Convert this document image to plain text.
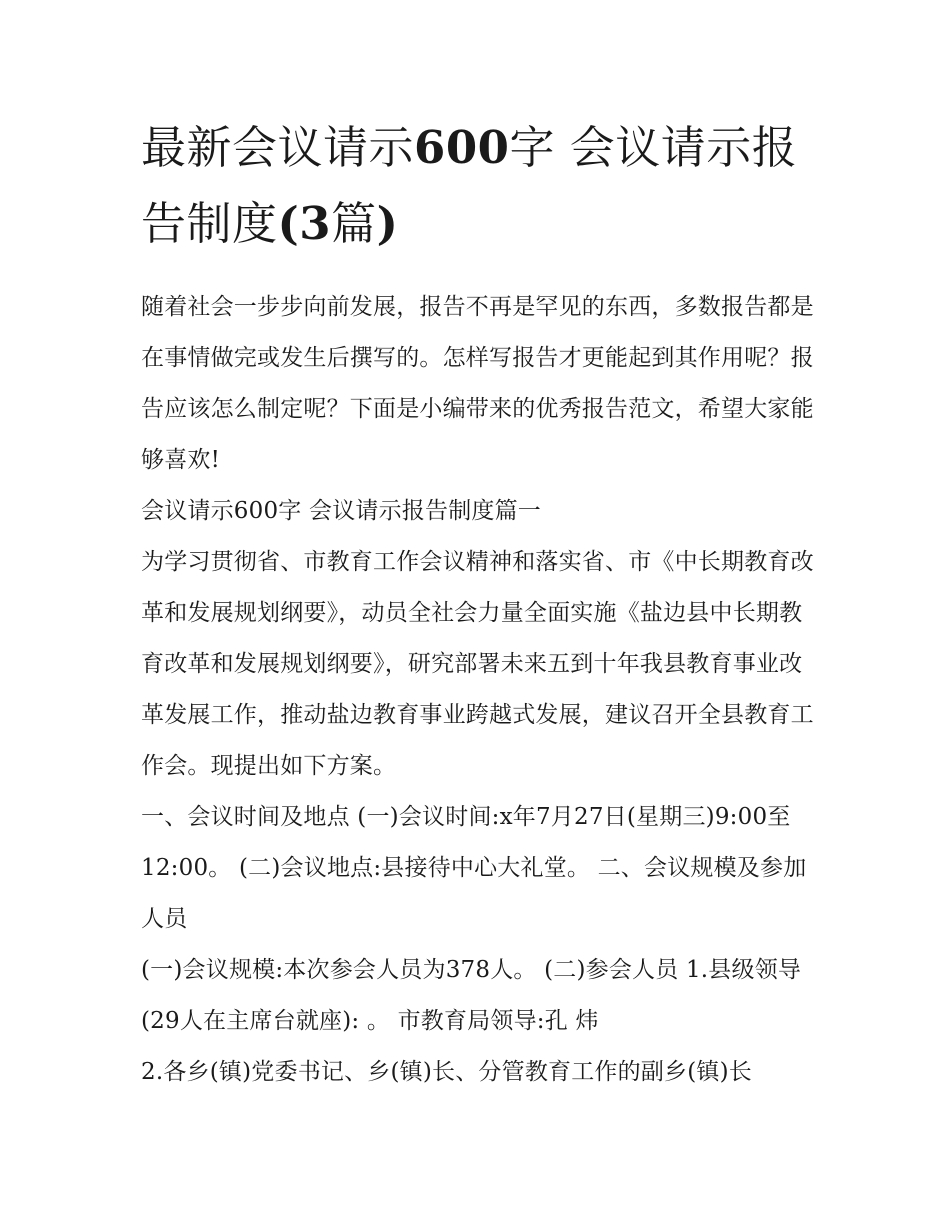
最新会议请示600字 会议请示报告制度(3篇)

随着社会一步步向前发展，报告不再是罕见的东西，多数报告都是在事情做完或发生后撰写的。怎样写报告才更能起到其作用呢？报告应该怎么制定呢？下面是小编带来的优秀报告范文，希望大家能够喜欢!

会议请示600字 会议请示报告制度篇一

为学习贯彻省、市教育工作会议精神和落实省、市《中长期教育改革和发展规划纲要》，动员全社会力量全面实施《盐边县中长期教育改革和发展规划纲要》，研究部署未来五到十年我县教育事业改革发展工作，推动盐边教育事业跨越式发展，建议召开全县教育工作会。现提出如下方案。

一、会议时间及地点 (一)会议时间:x年7月27日(星期三)9:00至12:00。 (二)会议地点:县接待中心大礼堂。 二、会议规模及参加人员

(一)会议规模:本次参会人员为378人。 (二)参会人员 1.县级领导(29人在主席台就座): 。 市教育局领导:孔 炜

2.各乡(镇)党委书记、乡(镇)长、分管教育工作的副乡(镇)长
